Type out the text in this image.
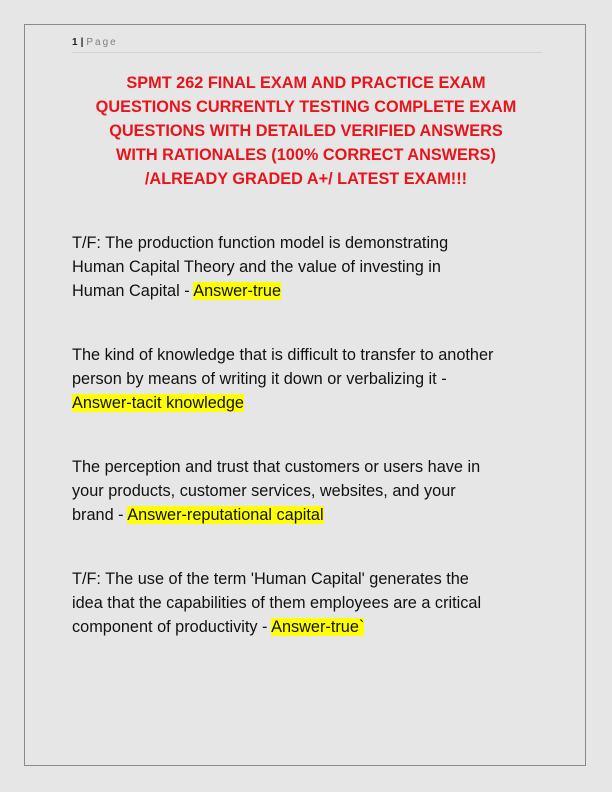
1 | Page
SPMT 262 FINAL EXAM AND PRACTICE EXAM
QUESTIONS CURRENTLY TESTING COMPLETE EXAM
QUESTIONS WITH DETAILED VERIFIED ANSWERS
WITH RATIONALES (100% CORRECT ANSWERS)
/ALREADY GRADED A+/ LATEST EXAM!!!
T/F: The production function model is demonstrating
Human Capital Theory and the value of investing in
Human Capital - Answer-true
The kind of knowledge that is difficult to transfer to another
person by means of writing it down or verbalizing it -
Answer-tacit knowledge
The perception and trust that customers or users have in
your products, customer services, websites, and your
brand - Answer-reputational capital
T/F: The use of the term 'Human Capital' generates the
idea that the capabilities of them employees are a critical
component of productivity - Answer-true`
